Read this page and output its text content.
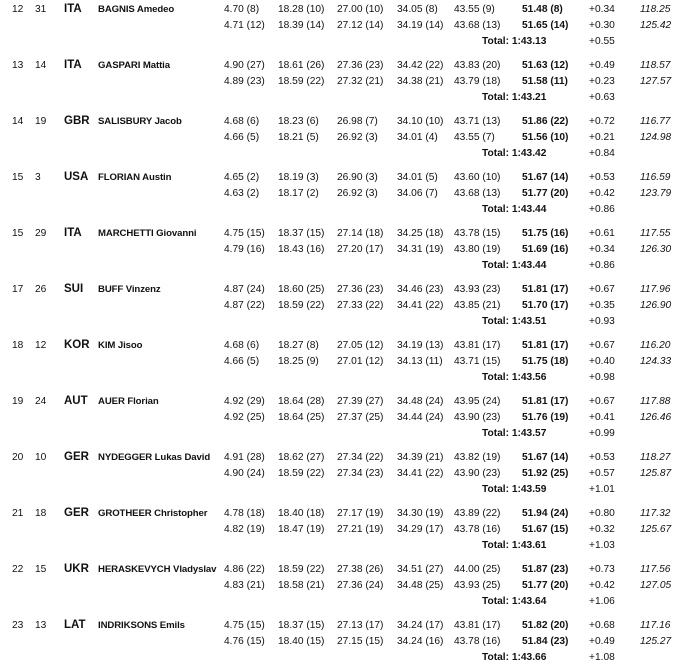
12 31 ITA BAGNIS Amedeo	4.70 (8) 18.28 (10) 27.00 (10) 34.05 (8) 43.55 (9)	51.48 (8)	+0.34 118.25
4.71 (12) 18.39 (14) 27.12 (14) 34.19 (14) 43.68 (13) 51.65 (14) +0.30 125.42
Total: 1:43.13	+0.55
13 14 ITA GASPARI Mattia	4.90 (27) 18.61 (26) 27.36 (23) 34.42 (22) 43.83 (20) 51.63 (12) +0.49 118.57
4.89 (23) 18.59 (22) 27.32 (21) 34.38 (21) 43.79 (18) 51.58 (11) +0.23 127.57
Total: 1:43.21	+0.63
14 19 GBR SALISBURY Jacob	4.68 (6) 18.23 (6) 26.98 (7) 34.10 (10) 43.71 (13) 51.86 (22) +0.72 116.77
4.66 (5) 18.21 (5) 26.92 (3) 34.01 (4) 43.55 (7)	51.56 (10) +0.21 124.98
Total: 1:43.42	+0.84
15 3 USA FLORIAN Austin	4.65 (2) 18.19 (3) 26.90 (3) 34.01 (5) 43.60 (10) 51.67 (14) +0.53 116.59
4.63 (2) 18.17 (2) 26.92 (3) 34.06 (7) 43.68 (13) 51.77 (20) +0.42 123.79
Total: 1:43.44	+0.86
15 29 ITA MARCHETTI Giovanni	4.75 (15) 18.37 (15) 27.14 (18) 34.25 (18) 43.78 (15) 51.75 (16) +0.61 117.55
4.79 (16) 18.43 (16) 27.20 (17) 34.31 (19) 43.80 (19) 51.69 (16) +0.34 126.30
Total: 1:43.44	+0.86
17 26 SUI BUFF Vinzenz	4.87 (24) 18.60 (25) 27.36 (23) 34.46 (23) 43.93 (23) 51.81 (17) +0.67 117.96
4.87 (22) 18.59 (22) 27.33 (22) 34.41 (22) 43.85 (21) 51.70 (17) +0.35 126.90
Total: 1:43.51	+0.93
18 12 KOR KIM Jisoo	4.68 (6) 18.27 (8) 27.05 (12) 34.19 (13) 43.81 (17) 51.81 (17) +0.67 116.20
4.66 (5) 18.25 (9) 27.01 (12) 34.13 (11) 43.71 (15) 51.75 (18) +0.40 124.33
Total: 1:43.56	+0.98
19 24 AUT AUER Florian	4.92 (29) 18.64 (28) 27.39 (27) 34.48 (24) 43.95 (24) 51.81 (17) +0.67 117.88
4.92 (25) 18.64 (25) 27.37 (25) 34.44 (24) 43.90 (23) 51.76 (19) +0.41 126.46
Total: 1:43.57	+0.99
20 10 GER NYDEGGER Lukas David 4.91 (28) 18.62 (27) 27.34 (22) 34.39 (21) 43.82 (19) 51.67 (14) +0.53 118.27
4.90 (24) 18.59 (22) 27.34 (23) 34.41 (22) 43.90 (23) 51.92 (25) +0.57 125.87
Total: 1:43.59	+1.01
21 18 GER GROTHEER Christopher 4.78 (18) 18.40 (18) 27.17 (19) 34.30 (19) 43.89 (22) 51.94 (24) +0.80 117.32
4.82 (19) 18.47 (19) 27.21 (19) 34.29 (17) 43.78 (16) 51.67 (15) +0.32 125.67
Total: 1:43.61	+1.03
22 15 UKR HERASKEVYCH Vladyslav 4.86 (22) 18.59 (22) 27.38 (26) 34.51 (27) 44.00 (25) 51.87 (23) +0.73 117.56
4.83 (21) 18.58 (21) 27.36 (24) 34.48 (25) 43.93 (25) 51.77 (20) +0.42 127.05
Total: 1:43.64	+1.06
23 13 LAT INDRIKSONS Emils	4.75 (15) 18.37 (15) 27.13 (17) 34.24 (17) 43.81 (17) 51.82 (20) +0.68 117.16
4.76 (15) 18.40 (15) 27.15 (15) 34.24 (16) 43.78 (16) 51.84 (23) +0.49 125.27
Total: 1:43.66	+1.08
